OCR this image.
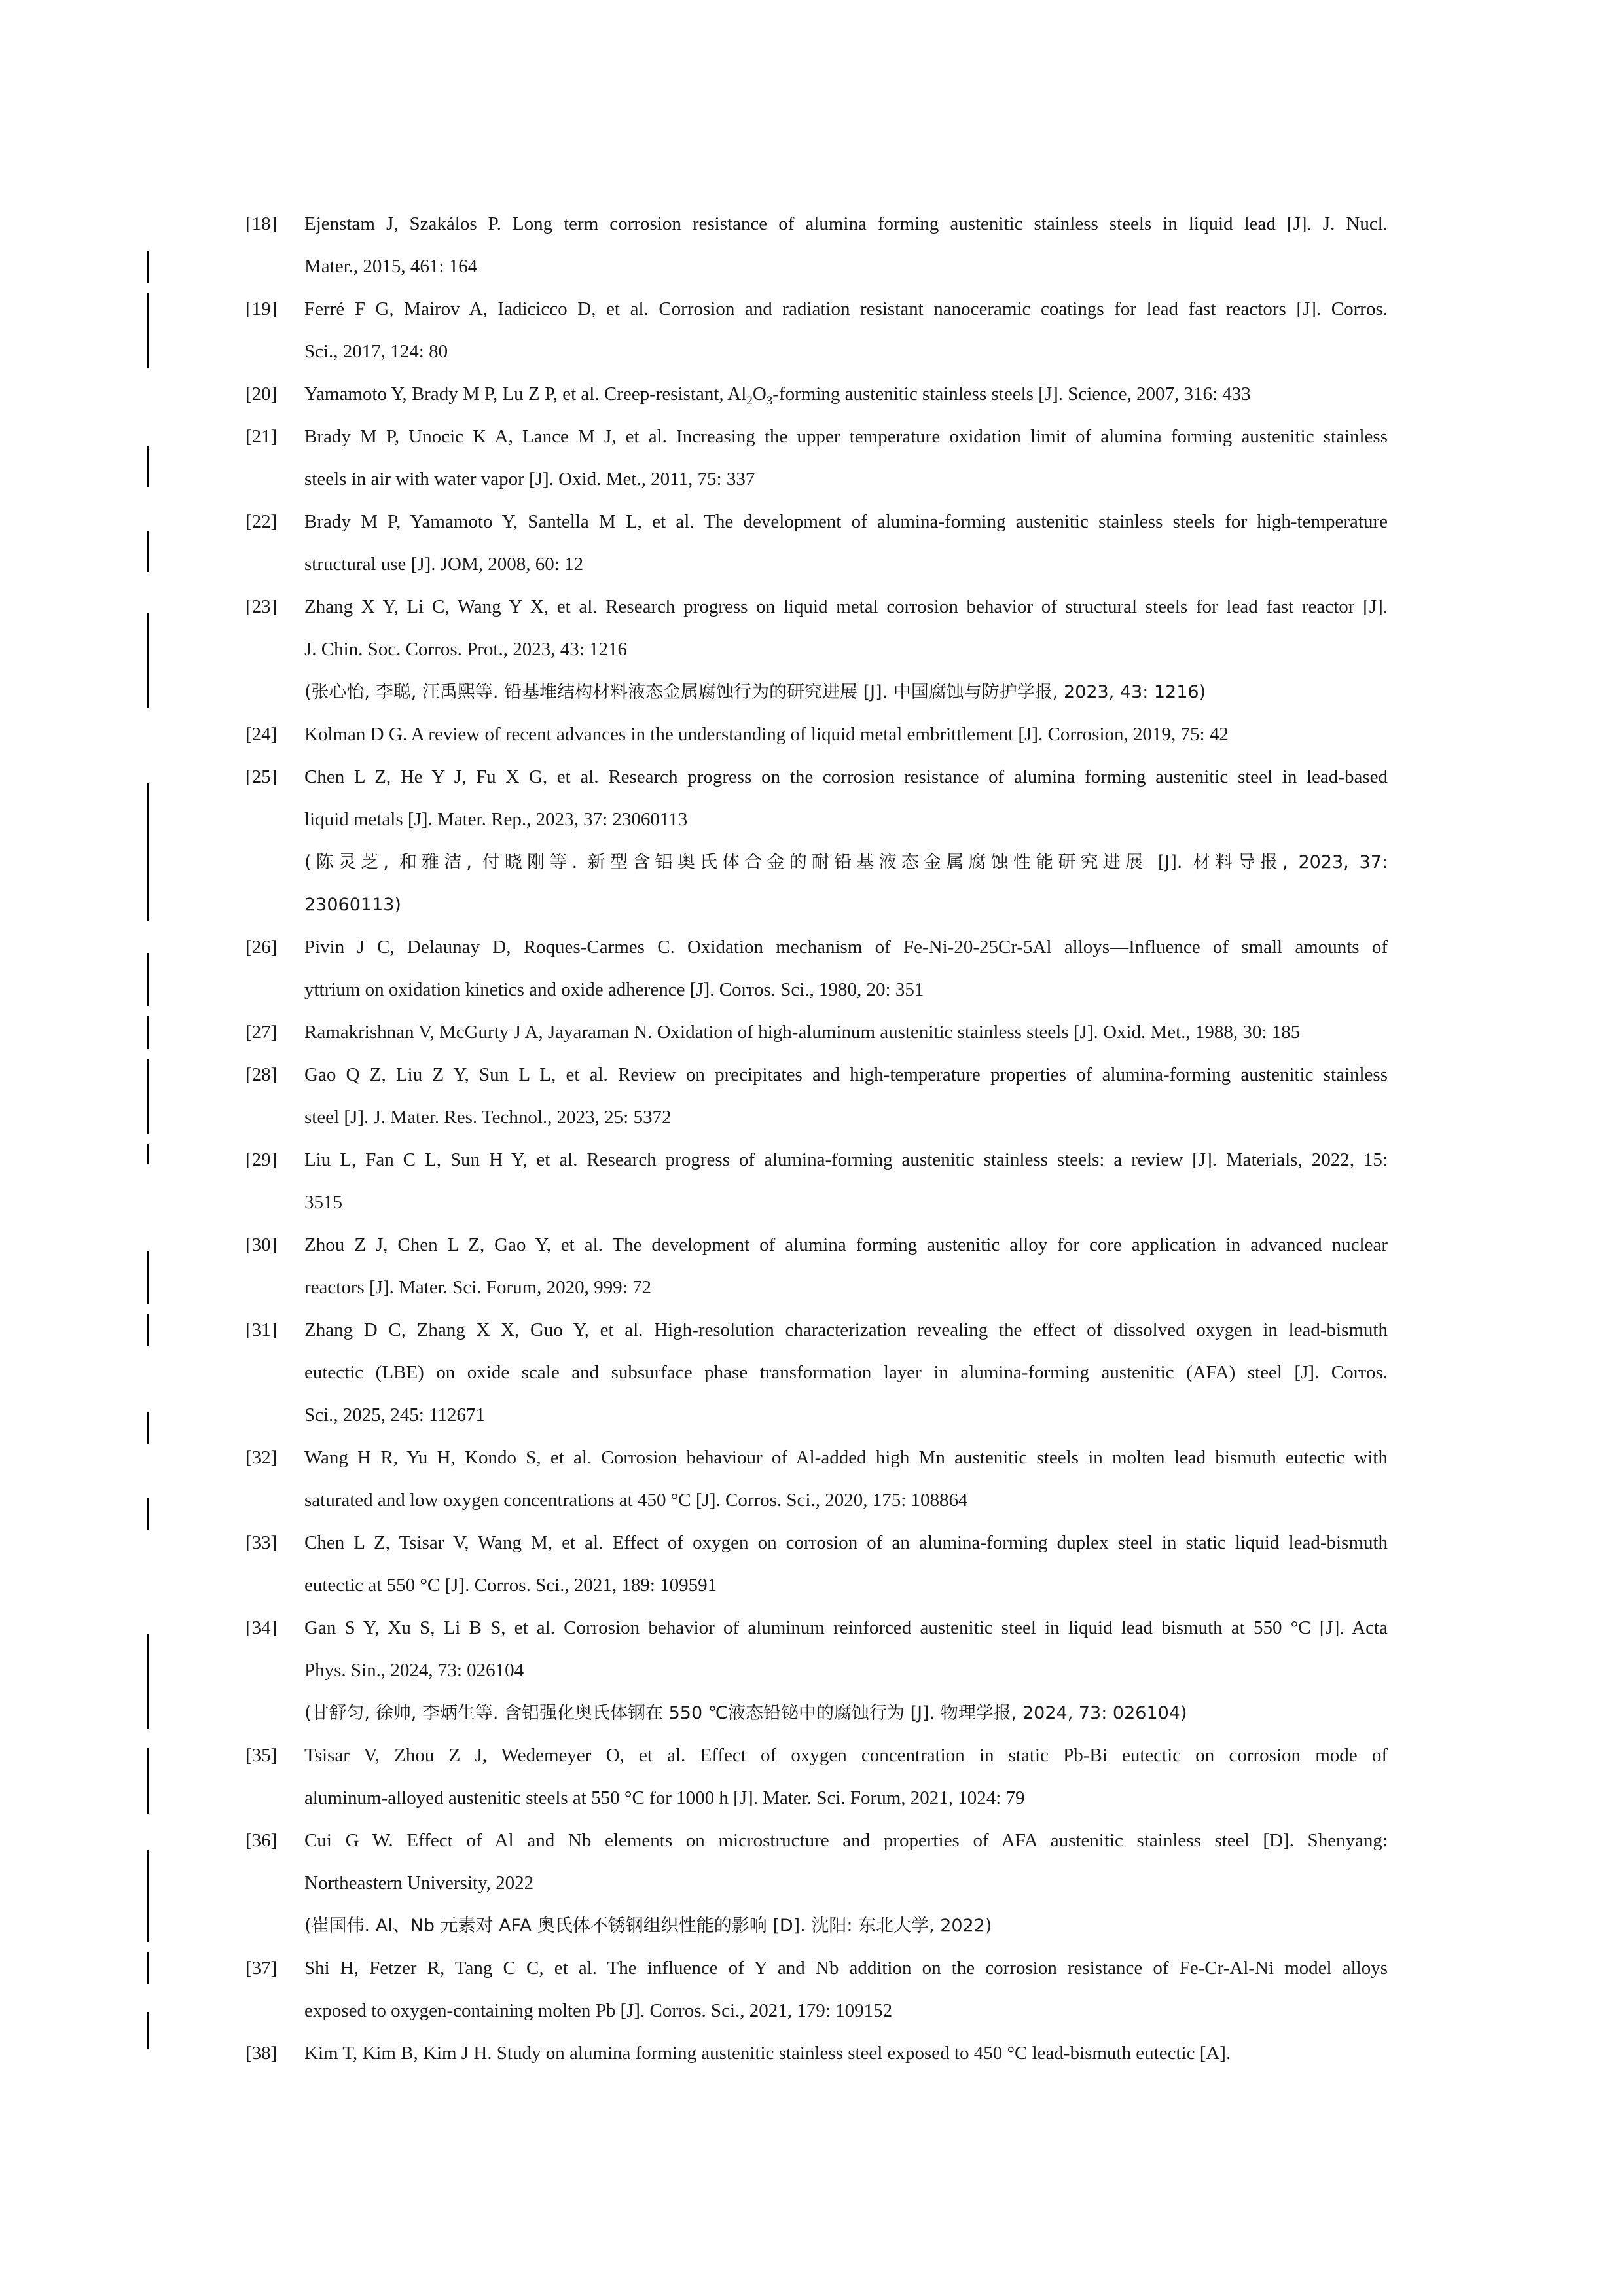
[18]	Ejenstam J, Szakálos P. Long term corrosion resistance of alumina forming austenitic stainless steels in liquid lead [J]. J. Nucl.
Mater., 2015, 461: 164
[19]	Ferré F G, Mairov A, Iadicicco D, et al. Corrosion and radiation resistant nanoceramic coatings for lead fast reactors [J]. Corros.
Sci., 2017, 124: 80
[20]	Yamamoto Y, Brady M P, Lu Z P, et al. Creep-resistant, $Al_2O_3$-forming austenitic stainless steels [J]. Science, 2007, 316: 433
[21]	Brady M P, Unocic K A, Lance M J, et al. Increasing the upper temperature oxidation limit of alumina forming austenitic stainless
steels in air with water vapor [J]. Oxid. Met., 2011, 75: 337
[22]	Brady M P, Yamamoto Y, Santella M L, et al. The development of alumina-forming austenitic stainless steels for high-temperature
structural use [J]. JOM, 2008, 60: 12
[23]	Zhang X Y, Li C, Wang Y X, et al. Research progress on liquid metal corrosion behavior of structural steels for lead fast reactor [J].
J. Chin. Soc. Corros. Prot., 2023, 43: 1216
(张心怡, 李聪, 汪禹熙等. 铅基堆结构材料液态金属腐蚀行为的研究进展 [J]. 中国腐蚀与防护学报, 2023, 43: 1216)
[24]	Kolman D G. A review of recent advances in the understanding of liquid metal embrittlement [J]. Corrosion, 2019, 75: 42
[25]	Chen L Z, He Y J, Fu X G, et al. Research progress on the corrosion resistance of alumina forming austenitic steel in lead-based
liquid metals [J]. Mater. Rep., 2023, 37: 23060113
(陈灵芝, 和雅洁, 付晓刚等. 新型含铝奥氏体合金的耐铅基液态金属腐蚀性能研究进展 [J]. 材料导报, 2023, 37:
23060113)
[26]	Pivin J C, Delaunay D, Roques-Carmes C. Oxidation mechanism of Fe-Ni-20-25Cr-5Al alloys—Influence of small amounts of
yttrium on oxidation kinetics and oxide adherence [J]. Corros. Sci., 1980, 20: 351
[27]	Ramakrishnan V, McGurty J A, Jayaraman N. Oxidation of high-aluminum austenitic stainless steels [J]. Oxid. Met., 1988, 30: 185
[28]	Gao Q Z, Liu Z Y, Sun L L, et al. Review on precipitates and high-temperature properties of alumina-forming austenitic stainless
steel [J]. J. Mater. Res. Technol., 2023, 25: 5372
[29]	Liu L, Fan C L, Sun H Y, et al. Research progress of alumina-forming austenitic stainless steels: a review [J]. Materials, 2022, 15:
3515
[30]	Zhou Z J, Chen L Z, Gao Y, et al. The development of alumina forming austenitic alloy for core application in advanced nuclear
reactors [J]. Mater. Sci. Forum, 2020, 999: 72
[31]	Zhang D C, Zhang X X, Guo Y, et al. High-resolution characterization revealing the effect of dissolved oxygen in lead-bismuth
eutectic (LBE) on oxide scale and subsurface phase transformation layer in alumina-forming austenitic (AFA) steel [J]. Corros.
Sci., 2025, 245: 112671
[32]	Wang H R, Yu H, Kondo S, et al. Corrosion behaviour of Al-added high Mn austenitic steels in molten lead bismuth eutectic with
saturated and low oxygen concentrations at 450 °C [J]. Corros. Sci., 2020, 175: 108864
[33]	Chen L Z, Tsisar V, Wang M, et al. Effect of oxygen on corrosion of an alumina-forming duplex steel in static liquid lead-bismuth
eutectic at 550 °C [J]. Corros. Sci., 2021, 189: 109591
[34]	Gan S Y, Xu S, Li B S, et al. Corrosion behavior of aluminum reinforced austenitic steel in liquid lead bismuth at 550 °C [J]. Acta
Phys. Sin., 2024, 73: 026104
(甘舒匀, 徐帅, 李炳生等. 含铝强化奥氏体钢在 550 ℃液态铅铋中的腐蚀行为 [J]. 物理学报, 2024, 73: 026104)
[35]	Tsisar V, Zhou Z J, Wedemeyer O, et al. Effect of oxygen concentration in static Pb-Bi eutectic on corrosion mode of
aluminum-alloyed austenitic steels at 550 °C for 1000 h [J]. Mater. Sci. Forum, 2021, 1024: 79
[36]	Cui G W. Effect of Al and Nb elements on microstructure and properties of AFA austenitic stainless steel [D]. Shenyang:
Northeastern University, 2022
(崔国伟. Al、Nb 元素对 AFA 奥氏体不锈钢组织性能的影响 [D]. 沈阳: 东北大学, 2022)
[37]	Shi H, Fetzer R, Tang C C, et al. The influence of Y and Nb addition on the corrosion resistance of Fe-Cr-Al-Ni model alloys
exposed to oxygen-containing molten Pb [J]. Corros. Sci., 2021, 179: 109152
[38]	Kim T, Kim B, Kim J H. Study on alumina forming austenitic stainless steel exposed to 450 °C lead-bismuth eutectic [A].
